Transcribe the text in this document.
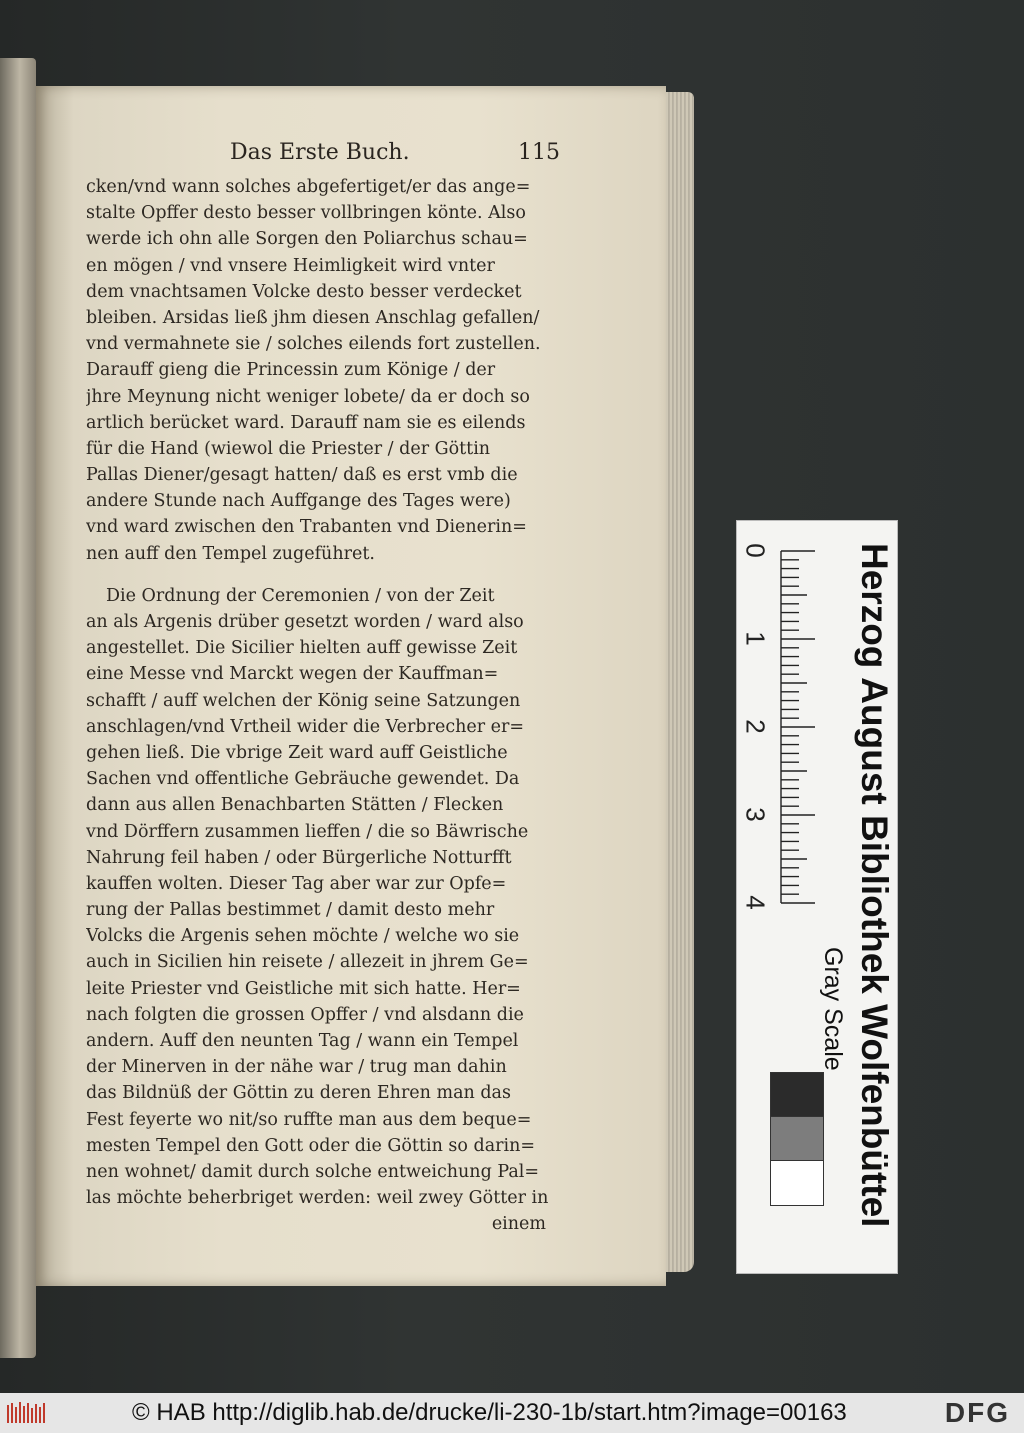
Das Erste Buch.	115
cken/vnd wann solches abgefertiget/er das ange=
stalte Opffer desto besser vollbringen könte. Also
werde ich ohn alle Sorgen den Poliarchus schau=
en mögen / vnd vnsere Heimligkeit wird vnter
dem vnachtsamen Volcke desto besser verdecket
bleiben. Arsidas ließ jhm diesen Anschlag gefallen/
vnd vermahnete sie / solches eilends fort zustellen.
Darauff gieng die Princessin zum Könige / der
jhre Meynung nicht weniger lobete/ da er doch so
artlich berücket ward. Darauff nam sie es eilends
für die Hand (wiewol die Priester / der Göttin
Pallas Diener/gesagt hatten/ daß es erst vmb die
andere Stunde nach Auffgange des Tages were)
vnd ward zwischen den Trabanten vnd Dienerin=
nen auff den Tempel zugeführet.
Die Ordnung der Ceremonien / von der Zeit
an als Argenis drüber gesetzt worden / ward also
angestellet. Die Sicilier hielten auff gewisse Zeit
eine Messe vnd Marckt wegen der Kauffman=
schafft / auff welchen der König seine Satzungen
anschlagen/vnd Vrtheil wider die Verbrecher er=
gehen ließ. Die vbrige Zeit ward auff Geistliche
Sachen vnd offentliche Gebräuche gewendet. Da
dann aus allen Benachbarten Stätten / Flecken
vnd Dörffern zusammen lieffen / die so Bäwrische
Nahrung feil haben / oder Bürgerliche Notturfft
kauffen wolten. Dieser Tag aber war zur Opfe=
rung der Pallas bestimmet / damit desto mehr
Volcks die Argenis sehen möchte / welche wo sie
auch in Sicilien hin reisete / allezeit in jhrem Ge=
leite Priester vnd Geistliche mit sich hatte. Her=
nach folgten die grossen Opffer / vnd alsdann die
andern. Auff den neunten Tag / wann ein Tempel
der Minerven in der nähe war / trug man dahin
das Bildnüß der Göttin zu deren Ehren man das
Fest feyerte wo nit/so ruffte man aus dem beque=
mesten Tempel den Gott oder die Göttin so darin=
nen wohnet/ damit durch solche entweichung Pal=
las möchte beherbriget werden: weil zwey Götter in
einem
0
1
2
3
4 Herzog August Bibliothek Wolfenbüttel
Gray Scale
© HAB http://diglib.hab.de/drucke/li-230-1b/start.htm?image=00163	DFG
